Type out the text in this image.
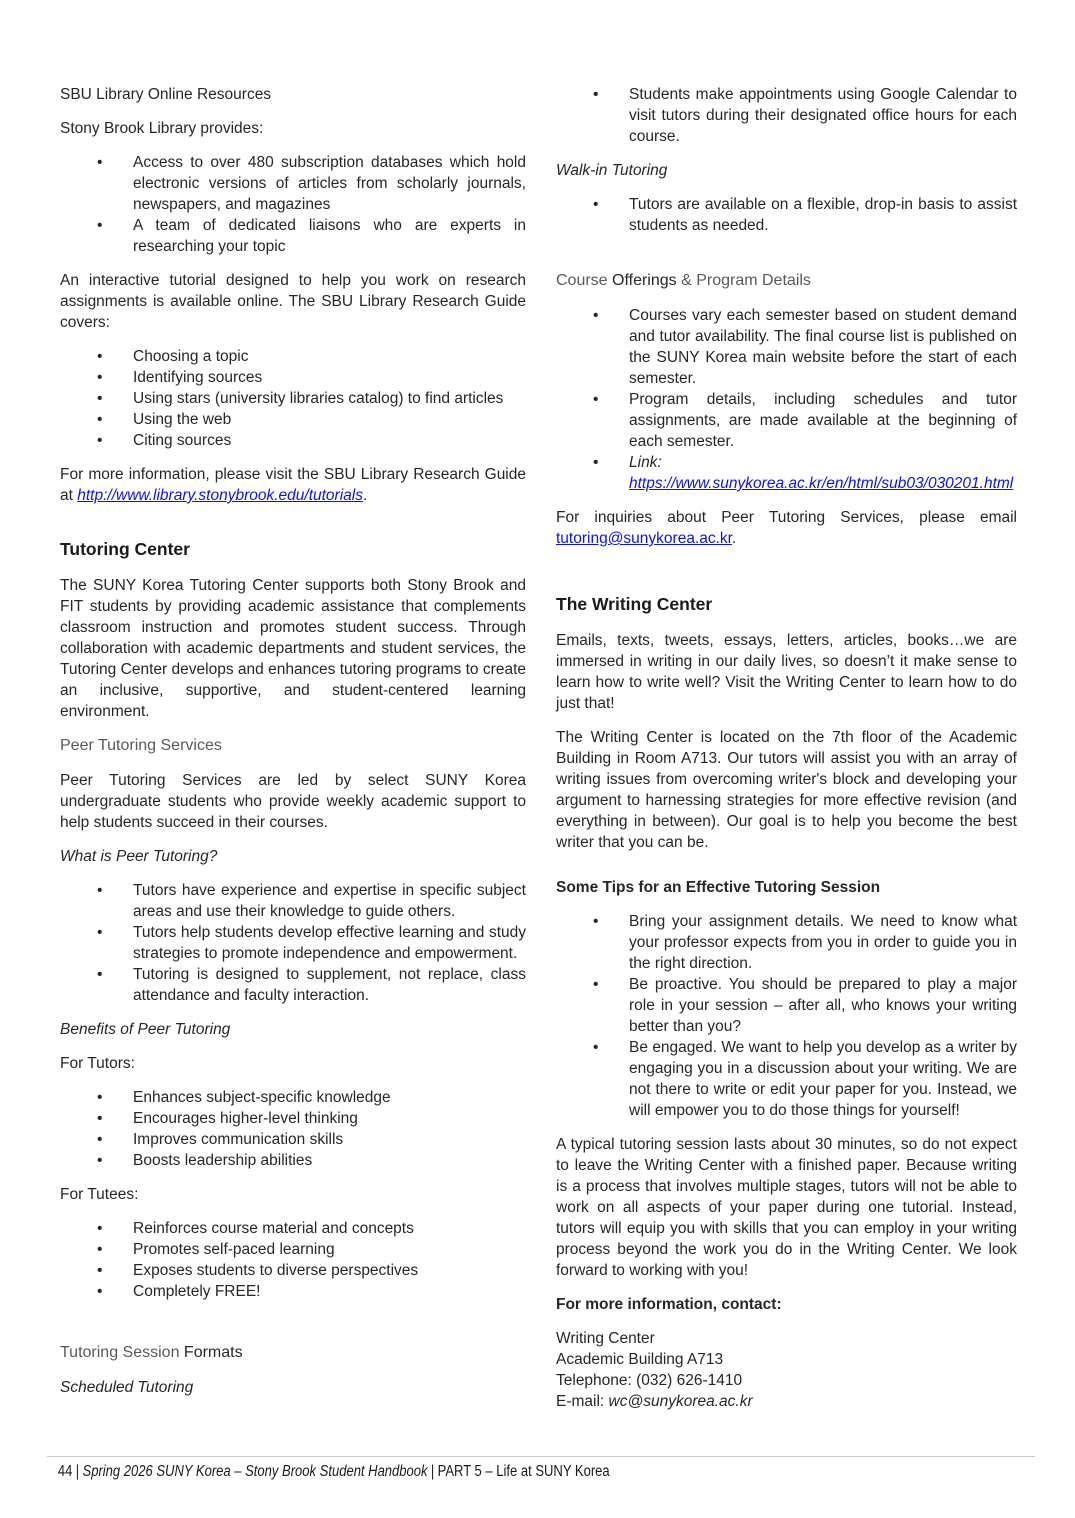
SBU Library Online Resources

Stony Brook Library provides:

• Access to over 480 subscription databases which hold electronic versions of articles from scholarly journals, newspapers, and magazines
• A team of dedicated liaisons who are experts in researching your topic

An interactive tutorial designed to help you work on research assignments is available online. The SBU Library Research Guide covers:

• Choosing a topic
• Identifying sources
• Using stars (university libraries catalog) to find articles
• Using the web
• Citing sources

For more information, please visit the SBU Library Research Guide at http://www.library.stonybrook.edu/tutorials.

Tutoring Center

The SUNY Korea Tutoring Center supports both Stony Brook and FIT students by providing academic assistance that complements classroom instruction and promotes student success. Through collaboration with academic departments and student services, the Tutoring Center develops and enhances tutoring programs to create an inclusive, supportive, and student-centered learning environment.

Peer Tutoring Services

Peer Tutoring Services are led by select SUNY Korea undergraduate students who provide weekly academic support to help students succeed in their courses.

What is Peer Tutoring?

• Tutors have experience and expertise in specific subject areas and use their knowledge to guide others.
• Tutors help students develop effective learning and study strategies to promote independence and empowerment.
• Tutoring is designed to supplement, not replace, class attendance and faculty interaction.

Benefits of Peer Tutoring

For Tutors:

• Enhances subject-specific knowledge
• Encourages higher-level thinking
• Improves communication skills
• Boosts leadership abilities

For Tutees:

• Reinforces course material and concepts
• Promotes self-paced learning
• Exposes students to diverse perspectives
• Completely FREE!

Tutoring Session Formats

Scheduled Tutoring

• Students make appointments using Google Calendar to visit tutors during their designated office hours for each course.

Walk-in Tutoring

• Tutors are available on a flexible, drop-in basis to assist students as needed.

Course Offerings & Program Details

• Courses vary each semester based on student demand and tutor availability. The final course list is published on the SUNY Korea main website before the start of each semester.
• Program details, including schedules and tutor assignments, are made available at the beginning of each semester.
• Link:
https://www.sunykorea.ac.kr/en/html/sub03/030201.html

For inquiries about Peer Tutoring Services, please email tutoring@sunykorea.ac.kr.

The Writing Center

Emails, texts, tweets, essays, letters, articles, books…we are immersed in writing in our daily lives, so doesn’t it make sense to learn how to write well? Visit the Writing Center to learn how to do just that!

The Writing Center is located on the 7th floor of the Academic Building in Room A713. Our tutors will assist you with an array of writing issues from overcoming writer's block and developing your argument to harnessing strategies for more effective revision (and everything in between). Our goal is to help you become the best writer that you can be.

Some Tips for an Effective Tutoring Session

• Bring your assignment details. We need to know what your professor expects from you in order to guide you in the right direction.
• Be proactive. You should be prepared to play a major role in your session – after all, who knows your writing better than you?
• Be engaged. We want to help you develop as a writer by engaging you in a discussion about your writing. We are not there to write or edit your paper for you. Instead, we will empower you to do those things for yourself!

A typical tutoring session lasts about 30 minutes, so do not expect to leave the Writing Center with a finished paper. Because writing is a process that involves multiple stages, tutors will not be able to work on all aspects of your paper during one tutorial. Instead, tutors will equip you with skills that you can employ in your writing process beyond the work you do in the Writing Center. We look forward to working with you!

For more information, contact:

Writing Center
Academic Building A713
Telephone: (032) 626-1410
E-mail: wc@sunykorea.ac.kr
44 | Spring 2026 SUNY Korea – Stony Brook Student Handbook | PART 5 – Life at SUNY Korea
